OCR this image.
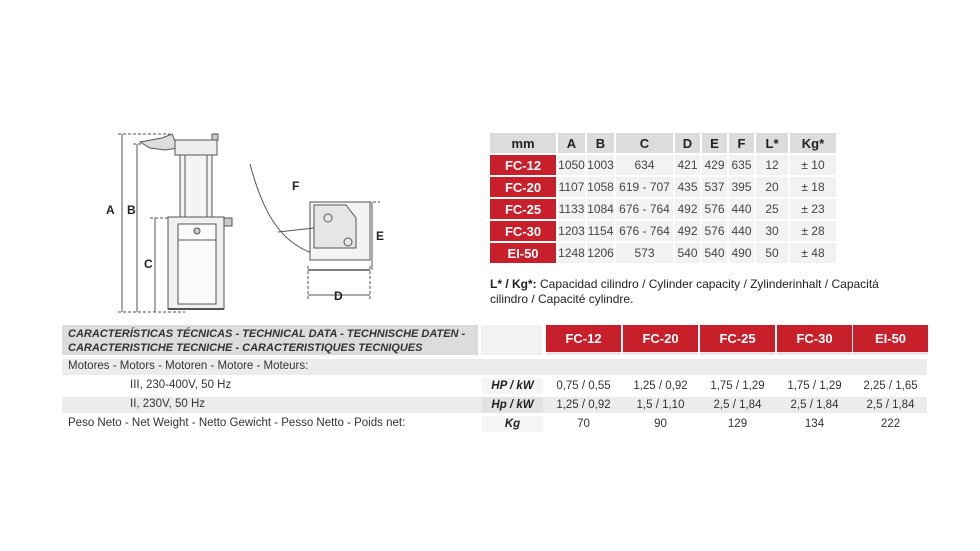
A B
C
F
E
D
mm	A	B	C	D	E	F	L*	Kg*
FC-12	1050	1003	634	421	429	635	12	± 10
FC-20	1107	1058	619 - 707	435	537	395	20	± 18
FC-25	1133	1084	676 - 764	492	576	440	25	± 23
FC-30	1203	1154	676 - 764	492	576	440	30	± 28
EI-50	1248	1206	573	540	540	490	50	± 48
L* / Kg*: Capacidad cilindro / Cylinder capacity / Zylinderinhalt / Capacitá cilindro / Capacité cylindre.
CARACTERÍSTICAS TÉCNICAS - TECHNICAL DATA - TECHNISCHE DATEN -
CARACTERISTICHE TECNICHE - CARACTERISTIQUES TECNIQUES
FC-12	FC-20	FC-25	FC-30	EI-50
Motores - Motors - Motoren - Motore - Moteurs:
III, 230-400V, 50 Hz	HP / kW	0,75 / 0,55	1,25 / 0,92	1,75 / 1,29	1,75 / 1,29	2,25 / 1,65
II, 230V, 50 Hz	Hp / kW	1,25 / 0,92	1,5 / 1,10	2,5 / 1,84	2,5 / 1,84	2,5 / 1,84
Peso Neto - Net Weight - Netto Gewicht - Pesso Netto - Poids net:	Kg	70	90	129	134	222
